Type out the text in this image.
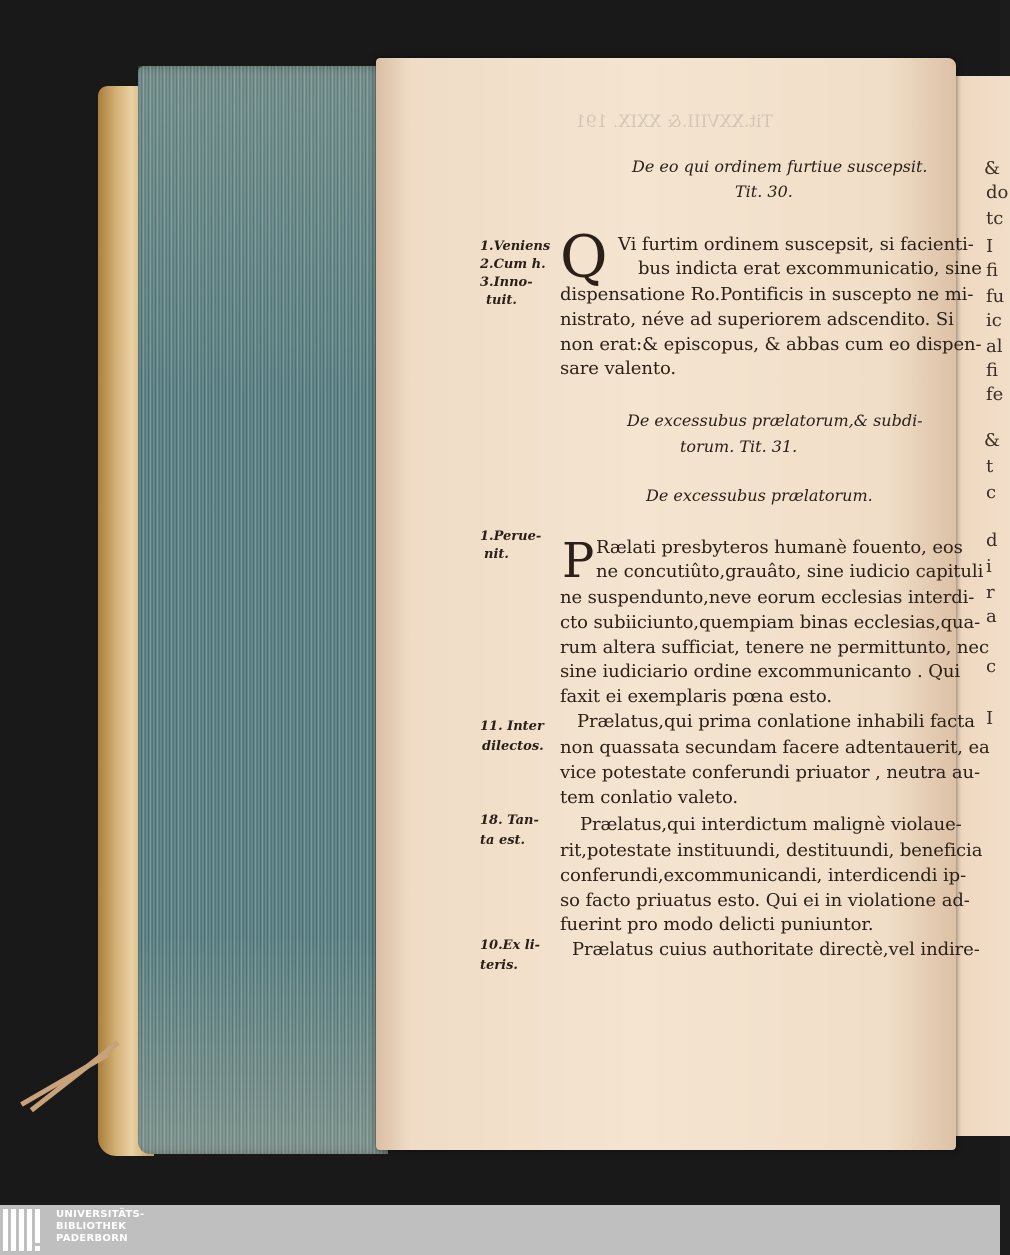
&
do
tc
I
fi
fu
ic
al
fi
fe
&
t
c
d
i
r
a
c
I
Tit.XXVIII.& XXIX. 191
De eo qui ordinem furtiue suscepsit.
Tit. 30.
1.Veniens
2.Cum h.
3.Inno-
tuit.
Q Vi furtim ordinem suscepsit, si facienti-
bus indicta erat excommunicatio, sine
dispensatione Ro.Pontificis in suscepto ne mi-
nistrato, néve ad superiorem adscendito. Si
non erat:& episcopus, & abbas cum eo dispen-
sare valento.
De excessubus prælatorum,& subdi-
torum. Tit. 31.
De excessubus prælatorum.
1.Perue-
nit. P Rælati presbyteros humanè fouento, eos
ne concutiûto,grauâto, sine iudicio capituli
ne suspendunto,neve eorum ecclesias interdi-
cto subiiciunto,quempiam binas ecclesias,qua-
rum altera sufficiat, tenere ne permittunto, nec
sine iudiciario ordine excommunicanto . Qui
faxit ei exemplaris pœna esto.
11. Inter
dilectos.
Prælatus,qui prima conlatione inhabili facta
non quassata secundam facere adtentauerit, ea
vice potestate conferundi priuator , neutra au-
tem conlatio valeto.
18. Tan-
ta est.
Prælatus,qui interdictum malignè violaue-
rit,potestate instituundi, destituundi, beneficia
conferundi,excommunicandi, interdicendi ip-
so facto priuatus esto. Qui ei in violatione ad-
fuerint pro modo delicti puniuntor.
10.Ex li-
teris.
Prælatus cuius authoritate directè,vel indire-
UNIVERSITÄTS-
BIBLIOTHEK
PADERBORN
